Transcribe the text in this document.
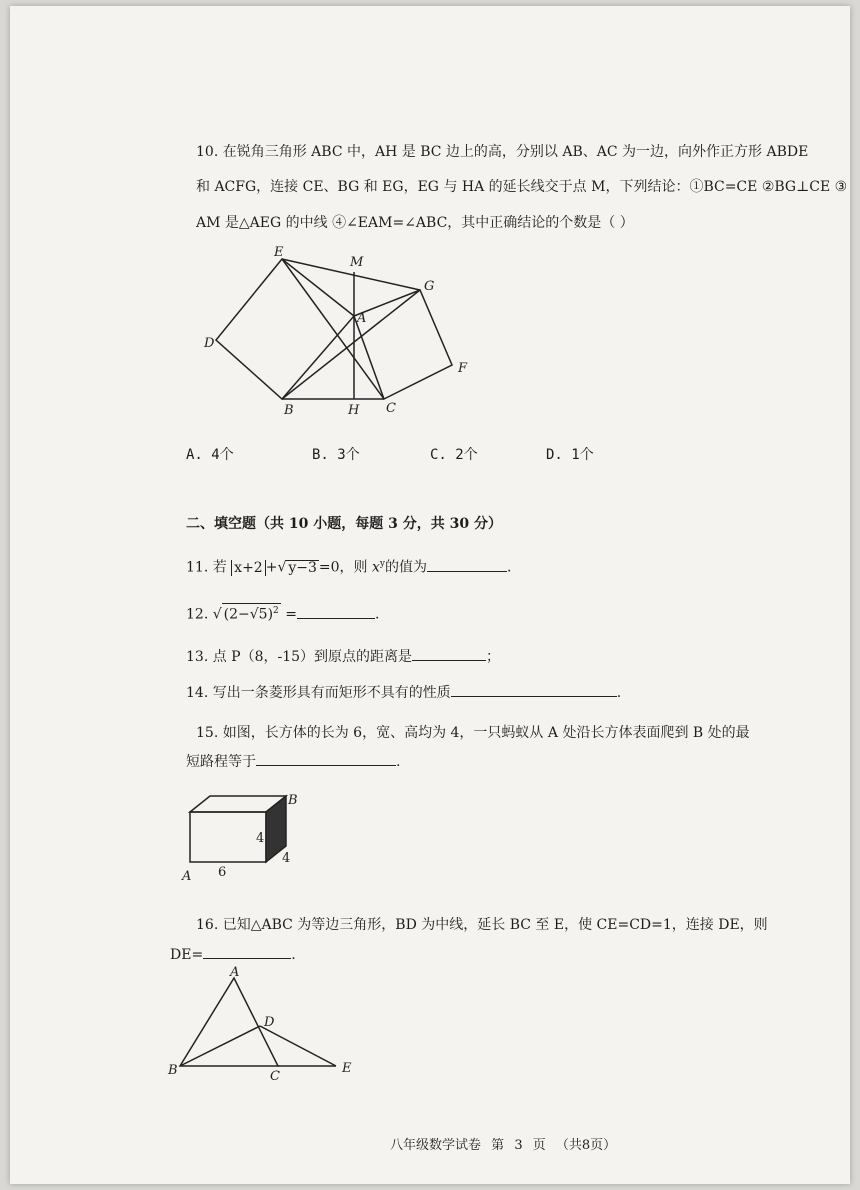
10. 在锐角三角形 ABC 中，AH 是 BC 边上的高，分别以 AB、AC 为一边，向外作正方形 ABDE
和 ACFG，连接 CE、BG 和 EG，EG 与 HA 的延长线交于点 M，下列结论：①BC=CE ②BG⊥CE ③
AM 是△AEG 的中线 ④∠EAM=∠ABC，其中正确结论的个数是（ ）
E
M
G
A
D
F
B	H C
A. 4个	B. 3个	C. 2个	D. 1个
二、填空题（共 10 小题，每题 3 分，共 30 分）
11. 若 x+2 +√ y−3 =0，则 $x^y$的值为	.
12. √ $(2-√5)^2$ =	.
13. 点 P（8，-15）到原点的距离是	；
14. 写出一条菱形具有而矩形不具有的性质	.
15. 如图，长方体的长为 6，宽、高均为 4，一只蚂蚁从 A 处沿长方体表面爬到 B 处的最
短路程等于	.
B
4
4
A 6
16. 已知△ABC 为等边三角形，BD 为中线，延长 BC 至 E，使 CE=CD=1，连接 DE，则
DE=	.
A
B	C
D
E
八年级数学试卷 第 3 页 （共8页）
